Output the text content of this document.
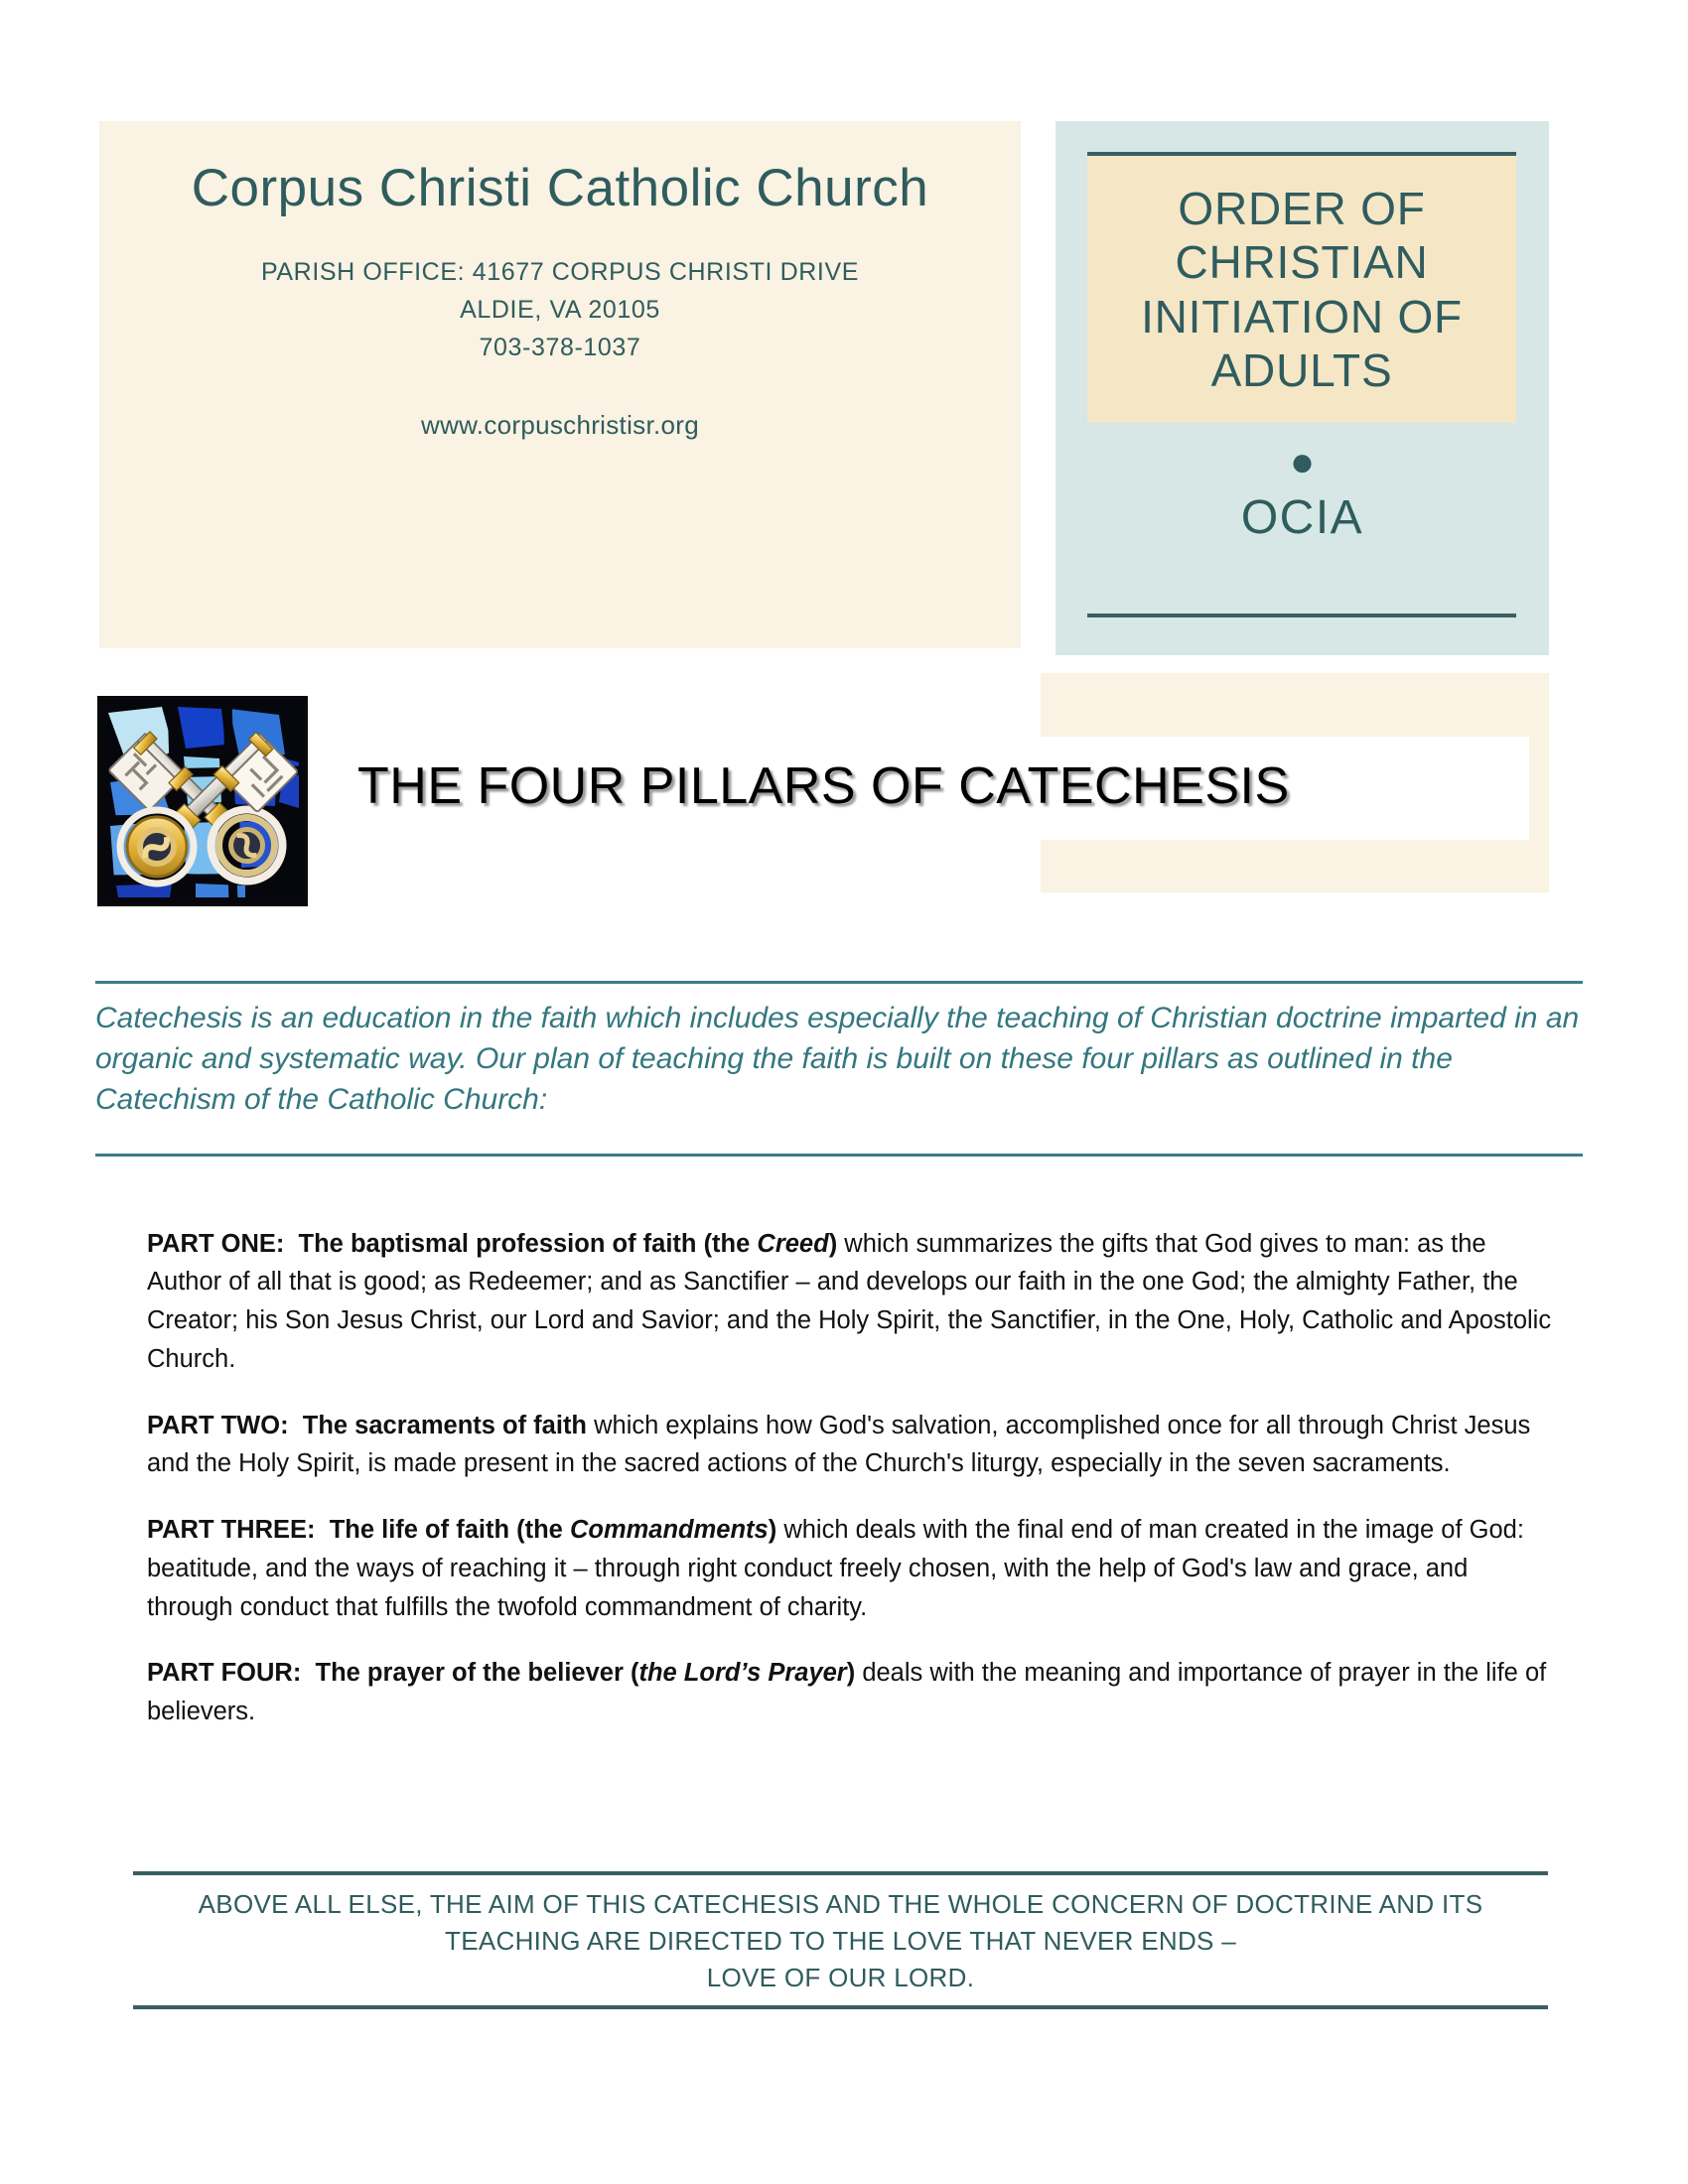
Corpus Christi Catholic Church
PARISH OFFICE: 41677 CORPUS CHRISTI DRIVE
ALDIE, VA 20105
703-378-1037
www.corpuschristisr.org
ORDER OF
CHRISTIAN
INITIATION OF
ADULTS
●
OCIA
THE FOUR PILLARS OF CATECHESIS
Catechesis is an education in the faith which includes especially the teaching of Christian doctrine imparted in an organic and systematic way. Our plan of teaching the faith is built on these four pillars as outlined in the Catechism of the Catholic Church:

PART ONE: The baptismal profession of faith (the Creed) which summarizes the gifts that God gives to man: as the Author of all that is good; as Redeemer; and as Sanctifier – and develops our faith in the one God; the almighty Father, the Creator; his Son Jesus Christ, our Lord and Savior; and the Holy Spirit, the Sanctifier, in the One, Holy, Catholic and Apostolic Church.

PART TWO: The sacraments of faith which explains how God's salvation, accomplished once for all through Christ Jesus and the Holy Spirit, is made present in the sacred actions of the Church's liturgy, especially in the seven sacraments.

PART THREE: The life of faith (the Commandments) which deals with the final end of man created in the image of God: beatitude, and the ways of reaching it – through right conduct freely chosen, with the help of God's law and grace, and through conduct that fulfills the twofold commandment of charity.

PART FOUR: The prayer of the believer (the Lord’s Prayer) deals with the meaning and importance of prayer in the life of believers.

ABOVE ALL ELSE, THE AIM OF THIS CATECHESIS AND THE WHOLE CONCERN OF DOCTRINE AND ITS
TEACHING ARE DIRECTED TO THE LOVE THAT NEVER ENDS –
LOVE OF OUR LORD.
